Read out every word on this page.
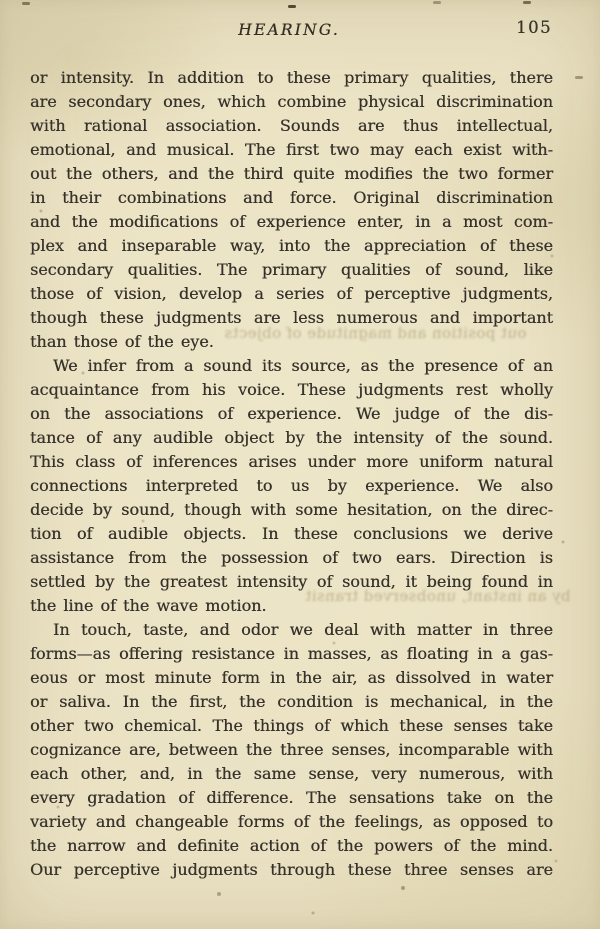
HEARING.	105
or intensity. In addition to these primary qualities, there
are secondary ones, which combine physical discrimination
with rational association. Sounds are thus intellectual,
emotional, and musical. The first two may each exist with-
out the others, and the third quite modifies the two former
in their combinations and force. Original discrimination
and the modifications of experience enter, in a most com-
plex and inseparable way, into the appreciation of these
secondary qualities. The primary qualities of sound, like
those of vision, develop a series of perceptive judgments,
though these judgments are less numerous and important
than those of the eye.
We infer from a sound its source, as the presence of an
acquaintance from his voice. These judgments rest wholly
on the associations of experience. We judge of the dis-
tance of any audible object by the intensity of the sound.
This class of inferences arises under more uniform natural
connections interpreted to us by experience. We also
decide by sound, though with some hesitation, on the direc-
tion of audible objects. In these conclusions we derive
assistance from the possession of two ears. Direction is
settled by the greatest intensity of sound, it being found in
the line of the wave motion.
In touch, taste, and odor we deal with matter in three
forms—as offering resistance in masses, as floating in a gas-
eous or most minute form in the air, as dissolved in water
or saliva. In the first, the condition is mechanical, in the
other two chemical. The things of which these senses take
cognizance are, between the three senses, incomparable with
each other, and, in the same sense, very numerous, with
every gradation of difference. The sensations take on the
variety and changeable forms of the feelings, as opposed to
the narrow and definite action of the powers of the mind.
Our perceptive judgments through these three senses are
out position and magnitude of objects
by an instant, unobserved transit
